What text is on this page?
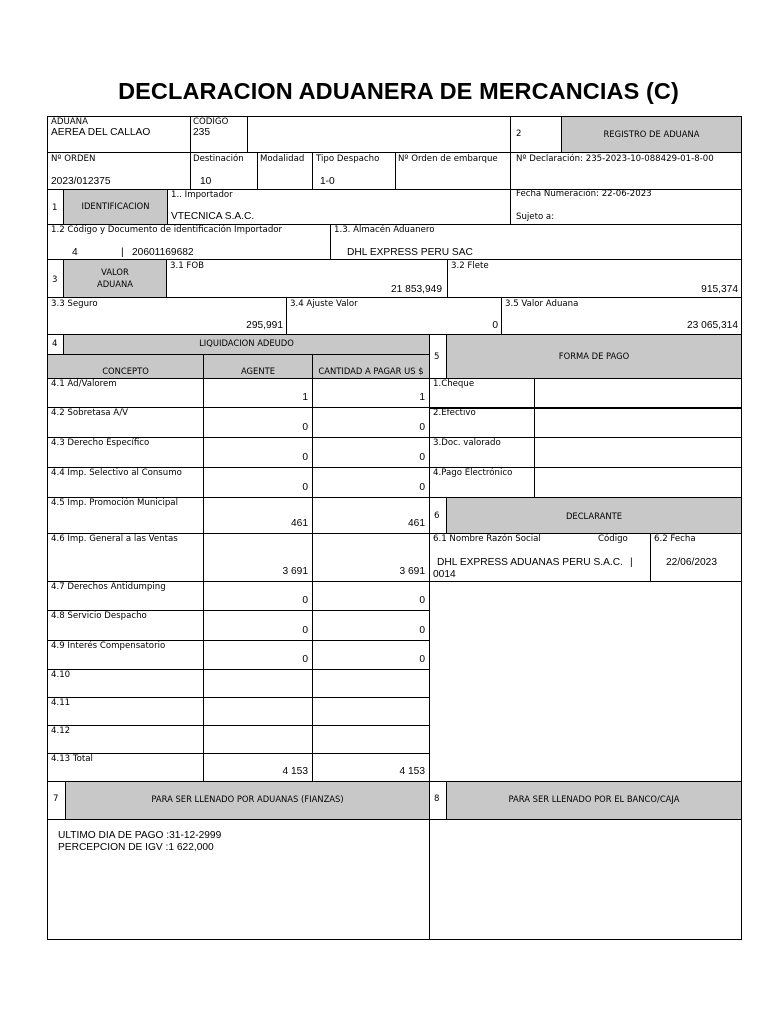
DECLARACION ADUANERA DE MERCANCIAS (C)
ADUANA
AEREA DEL CALLAO
CODIGO
235	2	REGISTRO DE ADUANA
Nº ORDEN
2023/012375
Destinación
10
Modalidad Tipo Despacho
1-0
Nº Orden de embarque Nº Declaración: 235-2023-10-088429-01-8-00
1	IDENTIFICACION
1.. Importador
VTECNICA S.A.C.
Fecha Numeración: 22-06-2023
Sujeto a:
1.2 Código y Documento de identificación Importador
4	| 20601169682
1.3. Almacén Aduanero
DHL EXPRESS PERU SAC
3
VALOR
ADUANA
3.1 FOB
21 853,949
3.2 Flete
915,374
3.3 Seguro
295,991
3.4 Ajuste Valor
0
3.5 Valor Aduana
23 065,314
4	LIQUIDACION ADEUDO
CONCEPTO	AGENTE	CANTIDAD A PAGAR US $
4.1 Ad/Valorem
1	1
4.2 Sobretasa A/V
0	0
4.3 Derecho Específico
0	0
4.4 Imp. Selectivo al Consumo
0	0
4.5 Imp. Promoción Municipal
461	461
4.6 Imp. General a las Ventas
3 691	3 691
4.7 Derechos Antidumping
0	0
4.8 Servicio Despacho
0	0
4.9 Interés Compensatorio
0	0
4.10
4.11
4.12
4.13 Total
4 153	4 153
5	FORMA DE PAGO
1.Cheque
2.Efectivo
3.Doc. valorado
4.Pago Electrónico
6	DECLARANTE
6.1 Nombre Razón Social	Código	6.2 Fecha
DHL EXPRESS ADUANAS PERU S.A.C. |
0014
22/06/2023
7	PARA SER LLENADO POR ADUANAS (FIANZAS)	8	PARA SER LLENADO POR EL BANCO/CAJA
ULTIMO DIA DE PAGO :31-12-2999
PERCEPCION DE IGV :1 622,000
